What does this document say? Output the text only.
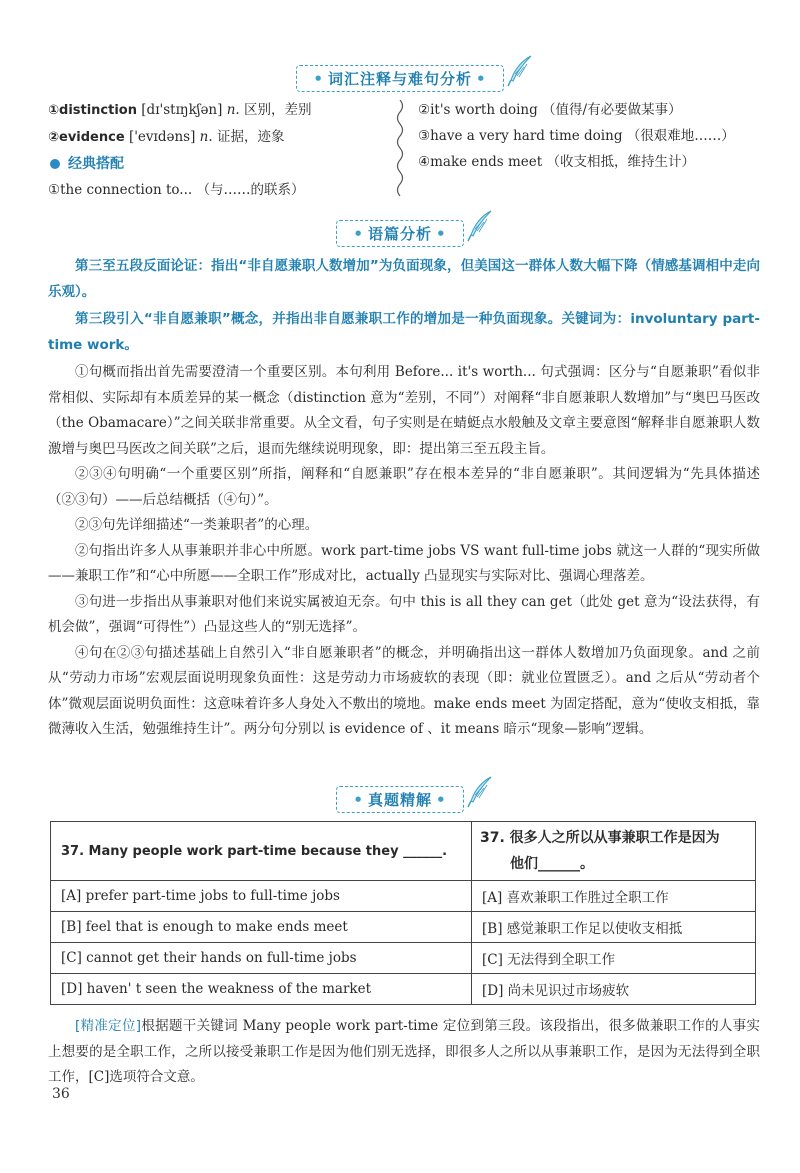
• 词汇注释与难句分析 •
①distinction [dɪ'stɪŋkʃən] n. 区别，差别
②evidence ['evɪdəns] n. 证据，迹象
经典搭配
①the connection to... （与……的联系）
②it's worth doing （值得/有必要做某事）
③have a very hard time doing （很艰难地……）
④make ends meet （收支相抵，维持生计）
• 语篇分析 •

第三至五段反面论证：指出“非自愿兼职人数增加”为负面现象，但美国这一群体人数大幅下降（情感基调相中走向乐观）。

第三段引入“非自愿兼职”概念，并指出非自愿兼职工作的增加是一种负面现象。关键词为：involuntary part-time work。

①句概而指出首先需要澄清一个重要区别。本句利用 Before... it's worth... 句式强调：区分与“自愿兼职”看似非常相似、实际却有本质差异的某一概念（distinction 意为“差别，不同”）对阐释“非自愿兼职人数增加”与“奥巴马医改（the Obamacare）”之间关联非常重要。从全文看，句子实则是在蜻蜓点水般触及文章主要意图“解释非自愿兼职人数激增与奥巴马医改之间关联”之后，退而先继续说明现象，即：提出第三至五段主旨。

②③④句明确“一个重要区别”所指，阐释和“自愿兼职”存在根本差异的“非自愿兼职”。其间逻辑为“先具体描述（②③句）——后总结概括（④句）”。

②③句先详细描述“一类兼职者”的心理。

②句指出许多人从事兼职并非心中所愿。work part-time jobs VS want full-time jobs 就这一人群的“现实所做——兼职工作”和“心中所愿——全职工作”形成对比，actually 凸显现实与实际对比、强调心理落差。

③句进一步指出从事兼职对他们来说实属被迫无奈。句中 this is all they can get（此处 get 意为“设法获得，有机会做”，强调“可得性”）凸显这些人的“别无选择”。

④句在②③句描述基础上自然引入“非自愿兼职者”的概念，并明确指出这一群体人数增加乃负面现象。and 之前从“劳动力市场”宏观层面说明现象负面性：这是劳动力市场疲软的表现（即：就业位置匮乏）。and 之后从“劳动者个体”微观层面说明负面性：这意味着许多人身处入不敷出的境地。make ends meet 为固定搭配，意为“使收支相抵，靠微薄收入生活，勉强维持生计”。两分句分别以 is evidence of 、it means 暗示“现象—影响”逻辑。

• 真题精解 •
37. Many people work part-time because they ______.	37. 很多人之所以从事兼职工作是因为
他们______。

[A] prefer part-time jobs to full-time jobs	[A] 喜欢兼职工作胜过全职工作
[B] feel that is enough to make ends meet	[B] 感觉兼职工作足以使收支相抵
[C] cannot get their hands on full-time jobs	[C] 无法得到全职工作
[D] haven' t seen the weakness of the market	[D] 尚未见识过市场疲软
[精准定位]根据题干关键词 Many people work part-time 定位到第三段。该段指出，很多做兼职工作的人事实上想要的是全职工作，之所以接受兼职工作是因为他们别无选择，即很多人之所以从事兼职工作，是因为无法得到全职工作，[C]选项符合文意。
36
